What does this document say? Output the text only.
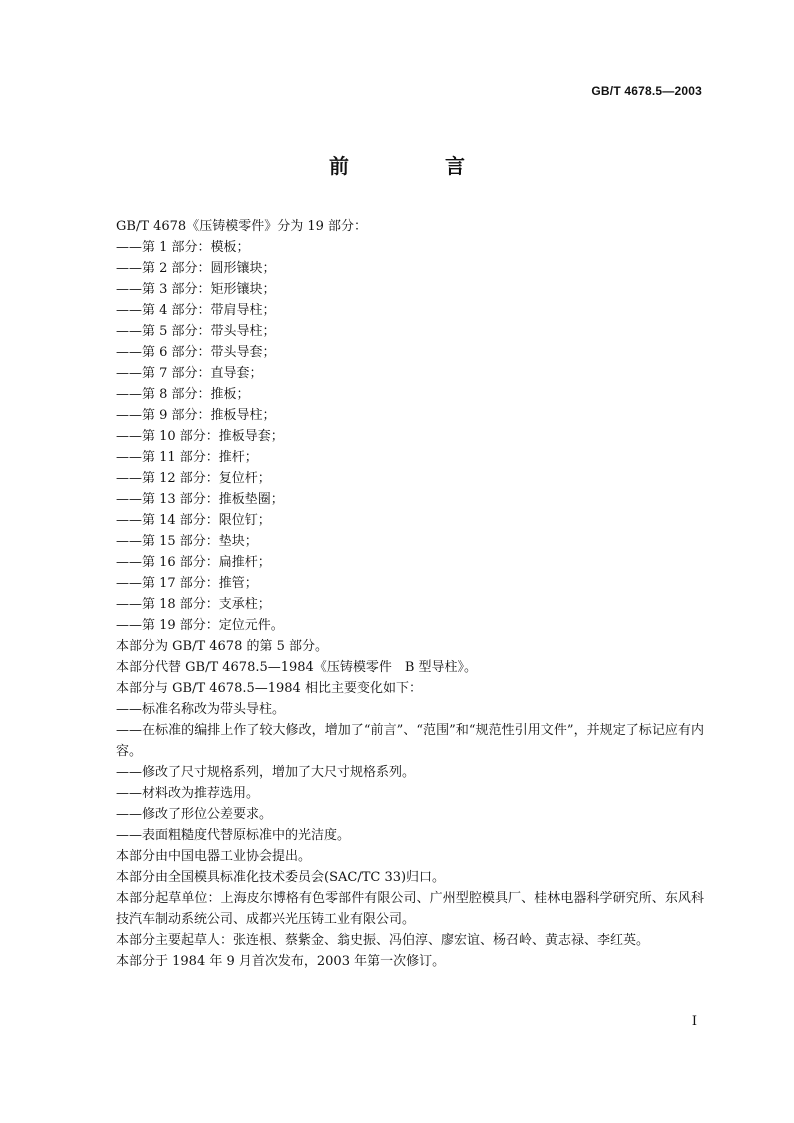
GB/T 4678.5—2003
前　言
GB/T 4678《压铸模零件》分为 19 部分：
——第 1 部分：模板；
——第 2 部分：圆形镶块；
——第 3 部分：矩形镶块；
——第 4 部分：带肩导柱；
——第 5 部分：带头导柱；
——第 6 部分：带头导套；
——第 7 部分：直导套；
——第 8 部分：推板；
——第 9 部分：推板导柱；
——第 10 部分：推板导套；
——第 11 部分：推杆；
——第 12 部分：复位杆；
——第 13 部分：推板垫圈；
——第 14 部分：限位钉；
——第 15 部分：垫块；
——第 16 部分：扁推杆；
——第 17 部分：推管；
——第 18 部分：支承柱；
——第 19 部分：定位元件。
本部分为 GB/T 4678 的第 5 部分。
本部分代替 GB/T 4678.5—1984《压铸模零件　B 型导柱》。
本部分与 GB/T 4678.5—1984 相比主要变化如下：
——标准名称改为带头导柱。
——在标准的编排上作了较大修改，增加了“前言”、“范围”和“规范性引用文件”，并规定了标记应有内容。
——修改了尺寸规格系列，增加了大尺寸规格系列。
——材料改为推荐选用。
——修改了形位公差要求。
——表面粗糙度代替原标准中的光洁度。
本部分由中国电器工业协会提出。
本部分由全国模具标准化技术委员会(SAC/TC 33)归口。
本部分起草单位：上海皮尔博格有色零部件有限公司、广州型腔模具厂、桂林电器科学研究所、东风科技汽车制动系统公司、成都兴光压铸工业有限公司。
本部分主要起草人：张连根、蔡紫金、翁史振、冯伯淳、廖宏谊、杨召岭、黄志禄、李红英。
本部分于 1984 年 9 月首次发布，2003 年第一次修订。
I
